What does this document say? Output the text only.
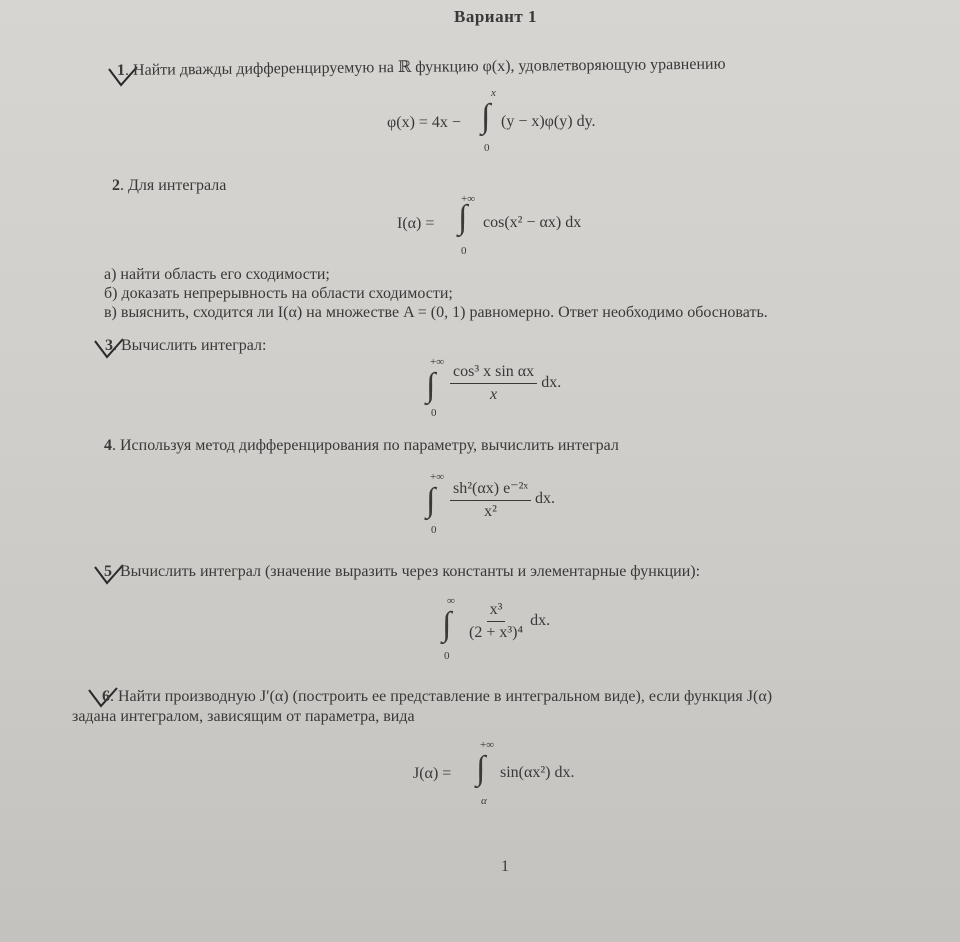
Вариант 1
1. Найти дважды дифференцируемую на ℝ функцию φ(x), удовлетворяющую уравнению
φ(x) = 4x − ∫
x
0
(y − x)φ(y) dy.
2. Для интеграла
I(α) = ∫
+∞
0
cos(x² − αx) dx
а) найти область его сходимости;
б) доказать непрерывность на области сходимости;
в) выяснить, сходится ли I(α) на множестве A = (0, 1) равномерно. Ответ необходимо обосновать.
3. Вычислить интеграл:
∫
+∞
0
$\frac{\text{cos³ x sin αx}}{x}$ dx.
4. Используя метод дифференцирования по параметру, вычислить интеграл
∫
+∞
0
$\frac{\text{sh²(αx) e⁻²ˣ}}{\text{x²}}$ dx.
5. Вычислить интеграл (значение выразить через константы и элементарные функции):
∫
∞
0
$\frac{\text{x³}}{\text{(2 + x³)⁴}}$ dx.
6. Найти производную J′(α) (построить ее представление в интегральном виде), если функция J(α)
задана интегралом, зависящим от параметра, вида
J(α) = ∫
+∞
α
sin(αx²) dx.
1
